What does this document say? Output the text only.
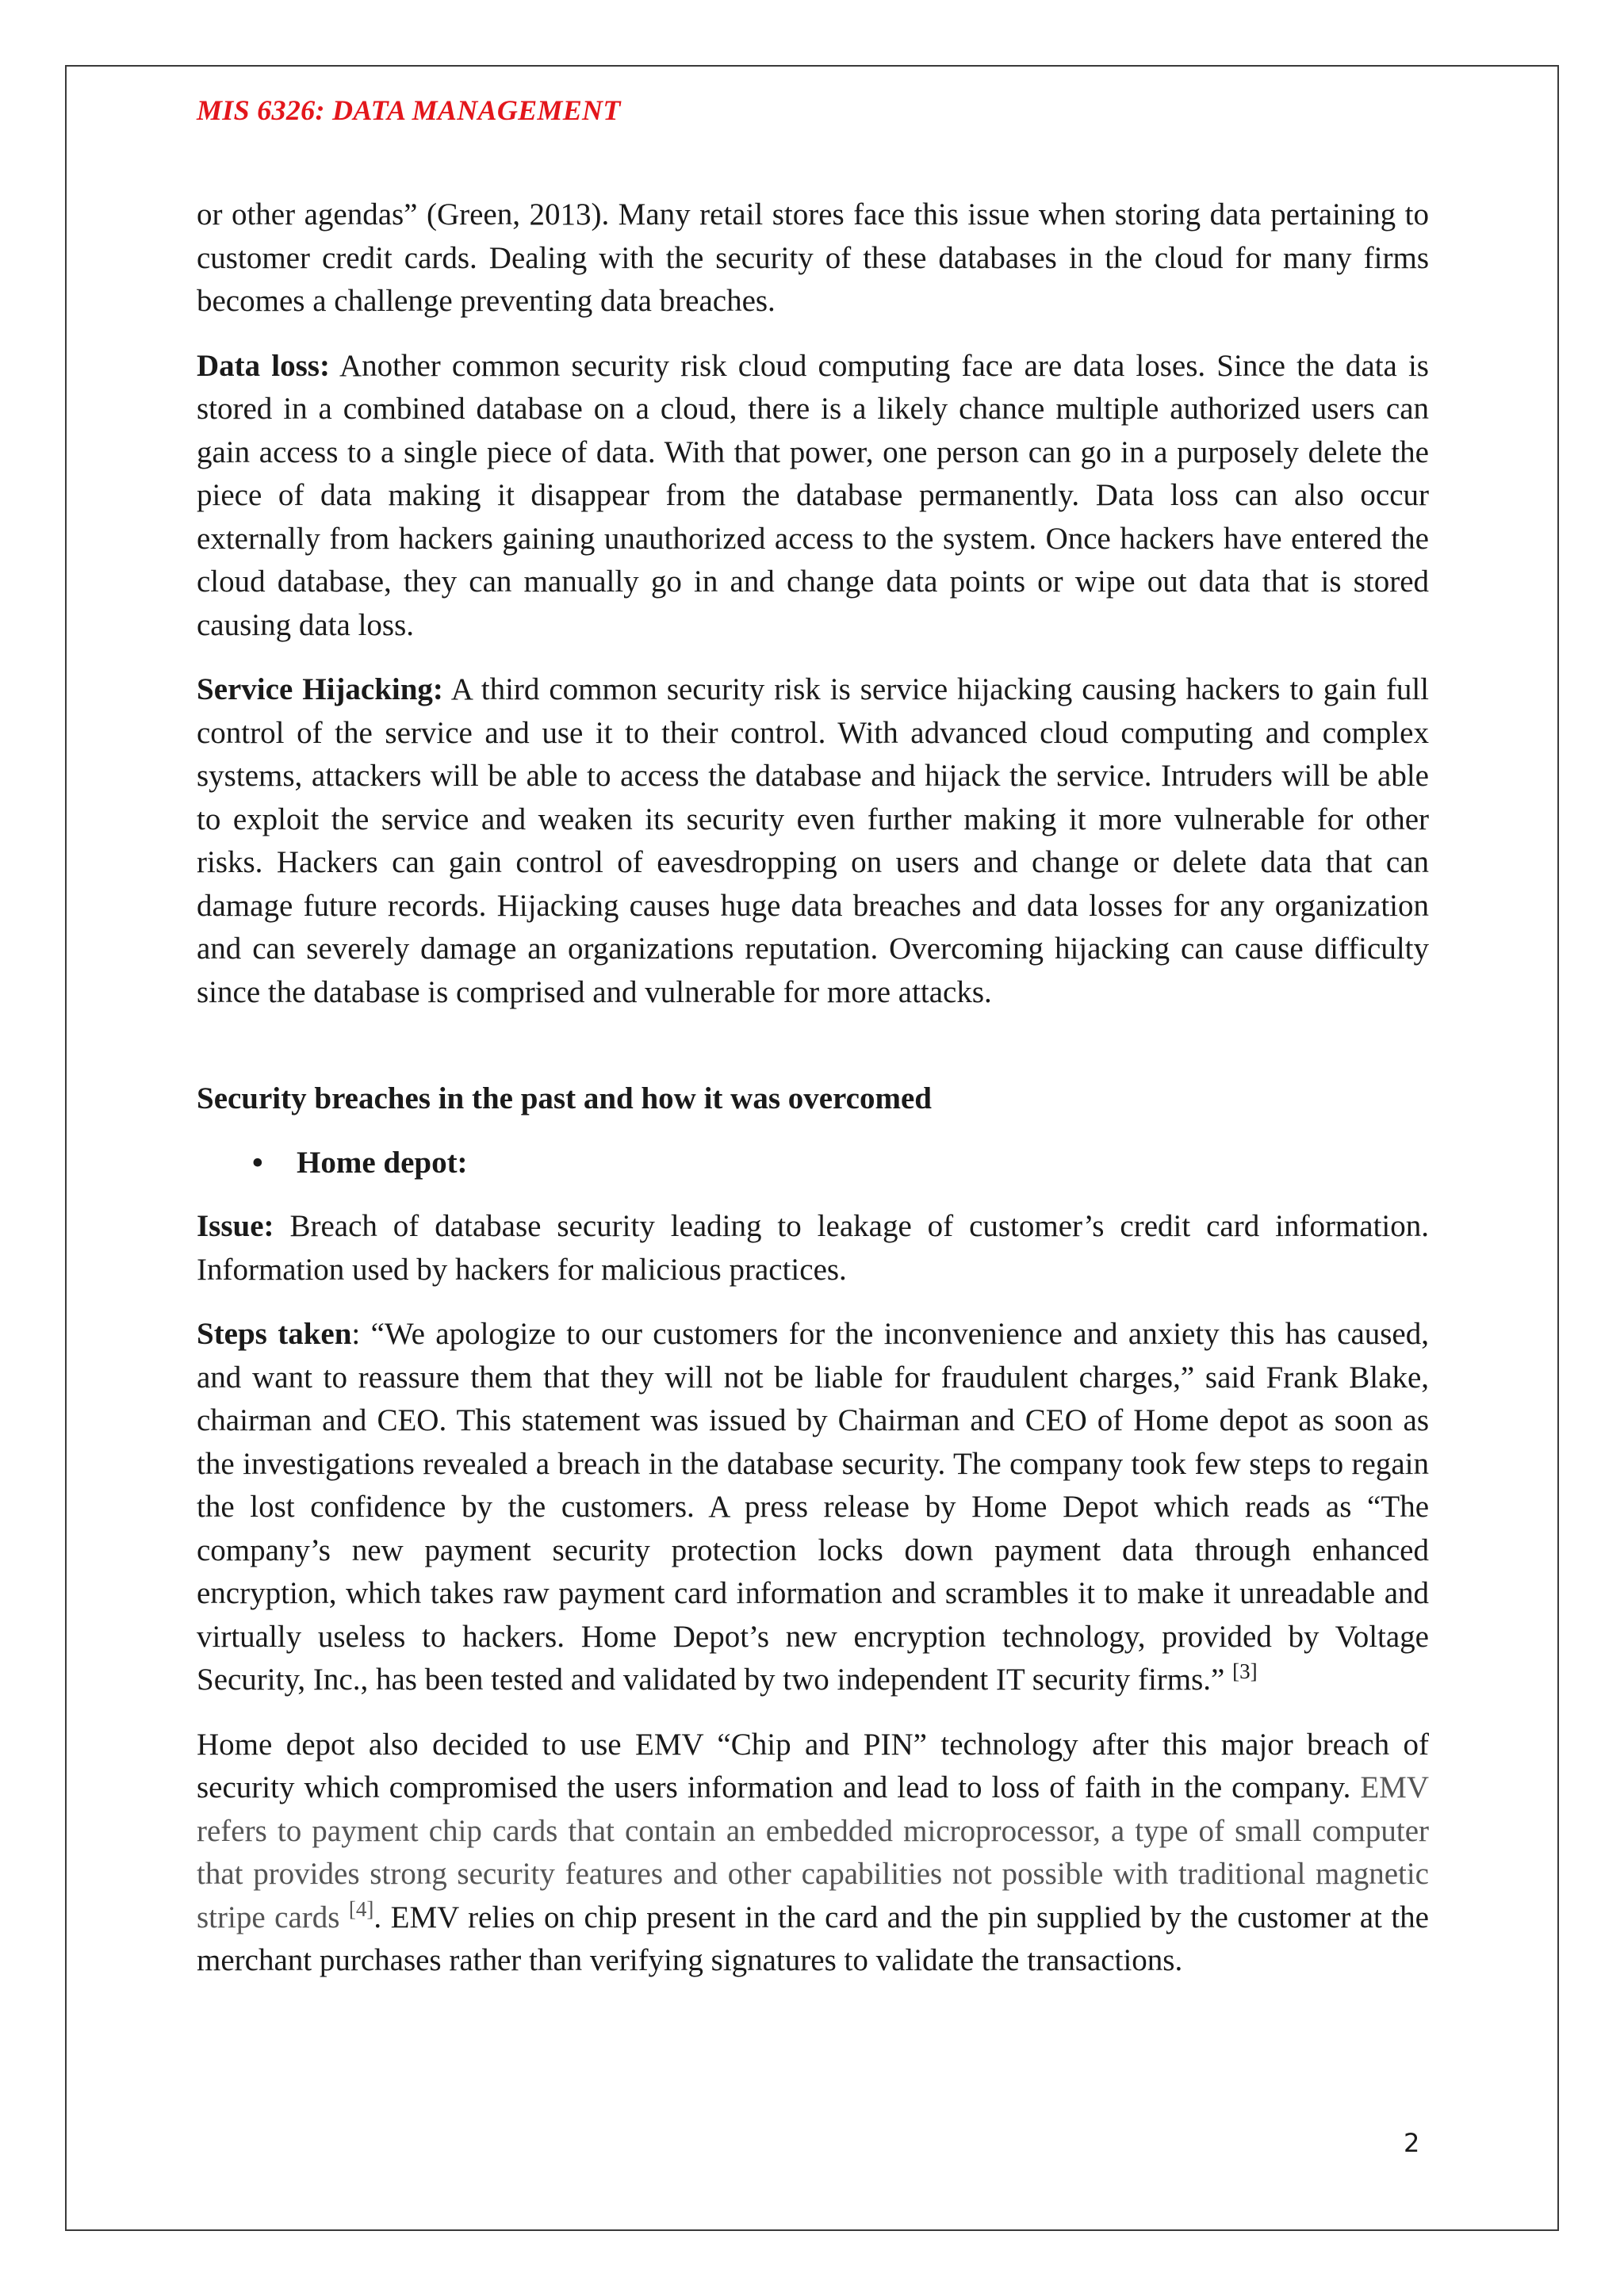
MIS 6326: DATA MANAGEMENT

or other agendas” (Green, 2013). Many retail stores face this issue when storing data pertaining to customer credit cards. Dealing with the security of these databases in the cloud for many firms becomes a challenge preventing data breaches.

Data loss: Another common security risk cloud computing face are data loses. Since the data is stored in a combined database on a cloud, there is a likely chance multiple authorized users can gain access to a single piece of data. With that power, one person can go in a purposely delete the piece of data making it disappear from the database permanently. Data loss can also occur externally from hackers gaining unauthorized access to the system. Once hackers have entered the cloud database, they can manually go in and change data points or wipe out data that is stored causing data loss.

Service Hijacking: A third common security risk is service hijacking causing hackers to gain full control of the service and use it to their control. With advanced cloud computing and complex systems, attackers will be able to access the database and hijack the service. Intruders will be able to exploit the service and weaken its security even further making it more vulnerable for other risks. Hackers can gain control of eavesdropping on users and change or delete data that can damage future records. Hijacking causes huge data breaches and data losses for any organization and can severely damage an organizations reputation. Overcoming hijacking can cause difficulty since the database is comprised and vulnerable for more attacks.

Security breaches in the past and how it was overcomed

• Home depot:

Issue: Breach of database security leading to leakage of customer’s credit card information. Information used by hackers for malicious practices.

Steps taken: “We apologize to our customers for the inconvenience and anxiety this has caused, and want to reassure them that they will not be liable for fraudulent charges,” said Frank Blake, chairman and CEO. This statement was issued by Chairman and CEO of Home depot as soon as the investigations revealed a breach in the database security. The company took few steps to regain the lost confidence by the customers. A press release by Home Depot which reads as “The company’s new payment security protection locks down payment data through enhanced encryption, which takes raw payment card information and scrambles it to make it unreadable and virtually useless to hackers. Home Depot’s new encryption technology, provided by Voltage Security, Inc., has been tested and validated by two independent IT security firms.” [3]

Home depot also decided to use EMV “Chip and PIN” technology after this major breach of security which compromised the users information and lead to loss of faith in the company. EMV refers to payment chip cards that contain an embedded microprocessor, a type of small computer that provides strong security features and other capabilities not possible with traditional magnetic stripe cards [4]. EMV relies on chip present in the card and the pin supplied by the customer at the merchant purchases rather than verifying signatures to validate the transactions.

2
